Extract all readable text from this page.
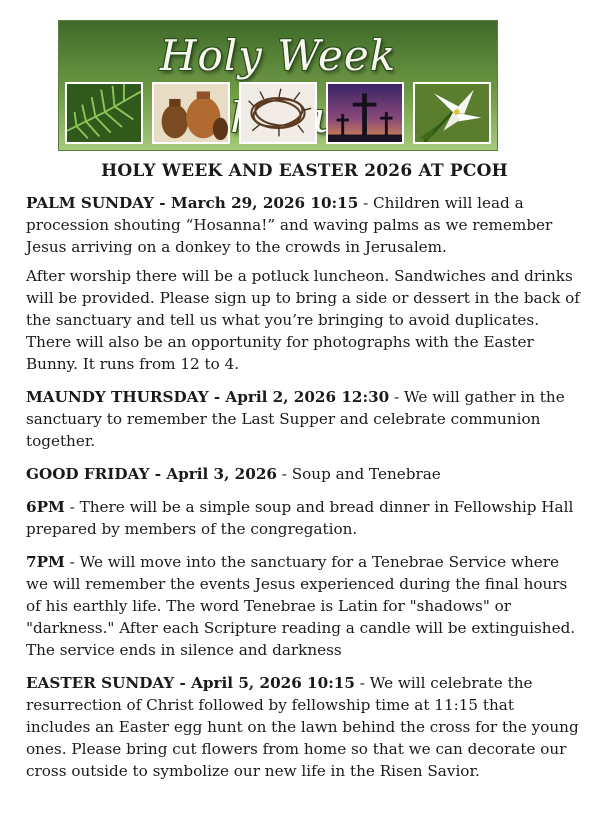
Holy Week
HOLY WEEK AND EASTER 2026 AT PCOH

PALM SUNDAY - March 29, 2026 10:15 - Children will lead a procession shouting “Hosanna!” and waving palms as we remember Jesus arriving on a donkey to the crowds in Jerusalem.

After worship there will be a potluck luncheon. Sandwiches and drinks will be provided. Please sign up to bring a side or dessert in the back of the sanctuary and tell us what you’re bringing to avoid duplicates. There will also be an opportunity for photographs with the Easter Bunny. It runs from 12 to 4.

MAUNDY THURSDAY - April 2, 2026 12:30 - We will gather in the sanctuary to remember the Last Supper and celebrate communion together.

GOOD FRIDAY - April 3, 2026 - Soup and Tenebrae

6PM - There will be a simple soup and bread dinner in Fellowship Hall prepared by members of the congregation.

7PM - We will move into the sanctuary for a Tenebrae Service where we will remember the events Jesus experienced during the final hours of his earthly life. The word Tenebrae is Latin for "shadows" or "darkness." After each Scripture reading a candle will be extinguished. The service ends in silence and darkness

EASTER SUNDAY - April 5, 2026 10:15 - We will celebrate the resurrection of Christ followed by fellowship time at 11:15 that includes an Easter egg hunt on the lawn behind the cross for the young ones. Please bring cut flowers from home so that we can decorate our cross outside to symbolize our new life in the Risen Savior.
